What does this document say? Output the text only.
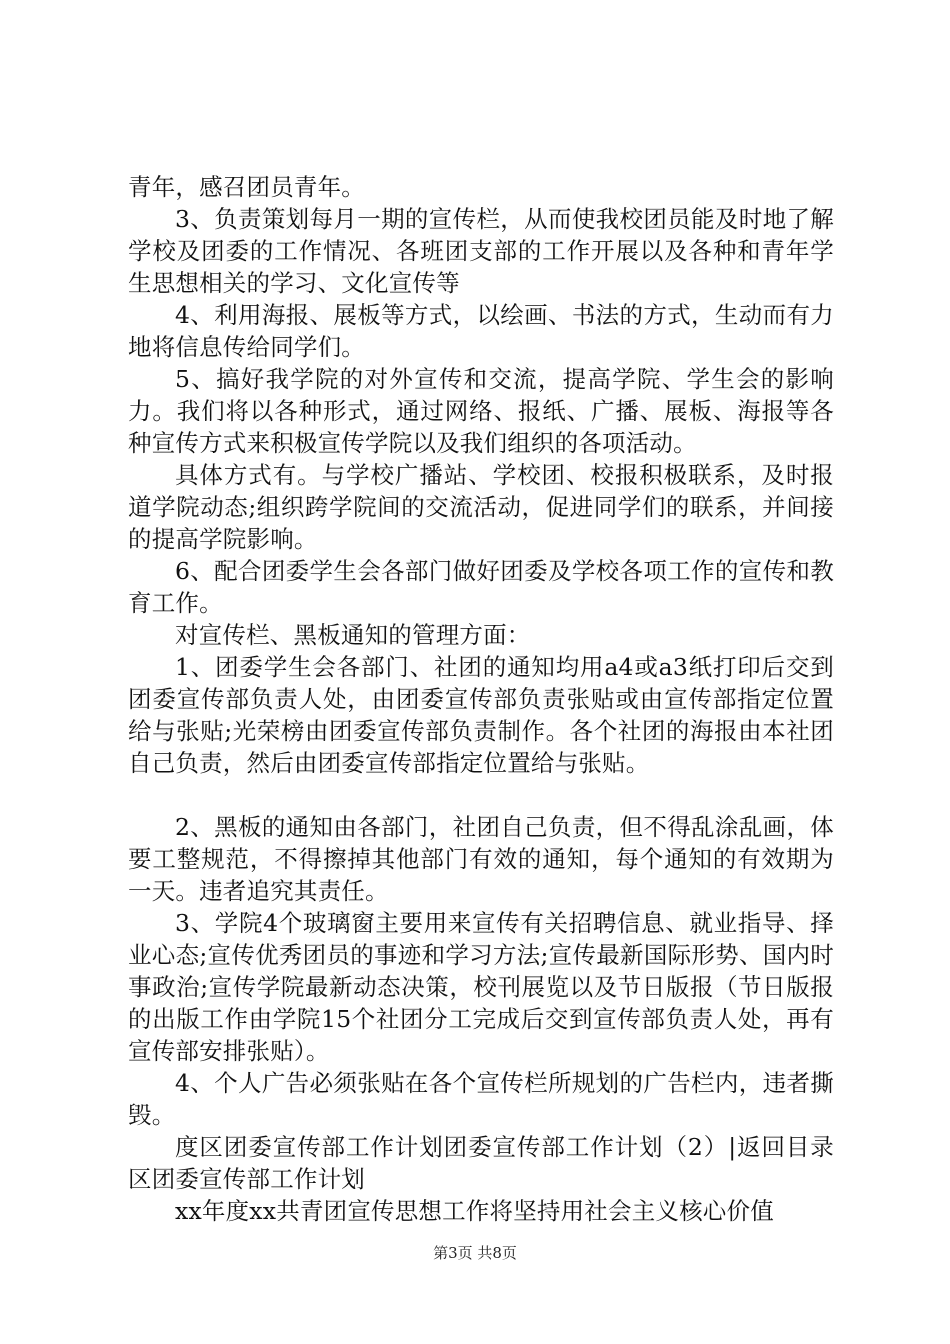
青年，感召团员青年。

3、负责策划每月一期的宣传栏，从而使我校团员能及时地了解学校及团委的工作情况、各班团支部的工作开展以及各种和青年学生思想相关的学习、文化宣传等

4、利用海报、展板等方式，以绘画、书法的方式，生动而有力地将信息传给同学们。

5、搞好我学院的对外宣传和交流，提高学院、学生会的影响力。我们将以各种形式，通过网络、报纸、广播、展板、海报等各种宣传方式来积极宣传学院以及我们组织的各项活动。

具体方式有。与学校广播站、学校团、校报积极联系，及时报道学院动态;组织跨学院间的交流活动，促进同学们的联系，并间接的提高学院影响。

6、配合团委学生会各部门做好团委及学校各项工作的宣传和教育工作。

对宣传栏、黑板通知的管理方面：

1、团委学生会各部门、社团的通知均用a4或a3纸打印后交到团委宣传部负责人处，由团委宣传部负责张贴或由宣传部指定位置给与张贴;光荣榜由团委宣传部负责制作。各个社团的海报由本社团自己负责，然后由团委宣传部指定位置给与张贴。

2、黑板的通知由各部门，社团自己负责，但不得乱涂乱画，体要工整规范，不得擦掉其他部门有效的通知，每个通知的有效期为一天。违者追究其责任。

3、学院4个玻璃窗主要用来宣传有关招聘信息、就业指导、择业心态;宣传优秀团员的事迹和学习方法;宣传最新国际形势、国内时事政治;宣传学院最新动态决策，校刊展览以及节日版报（节日版报的出版工作由学院15个社团分工完成后交到宣传部负责人处，再有宣传部安排张贴）。

4、个人广告必须张贴在各个宣传栏所规划的广告栏内，违者撕毁。

度区团委宣传部工作计划团委宣传部工作计划（2）|返回目录区团委宣传部工作计划

xx年度xx共青团宣传思想工作将坚持用社会主义核心价值

第3页 共8页
